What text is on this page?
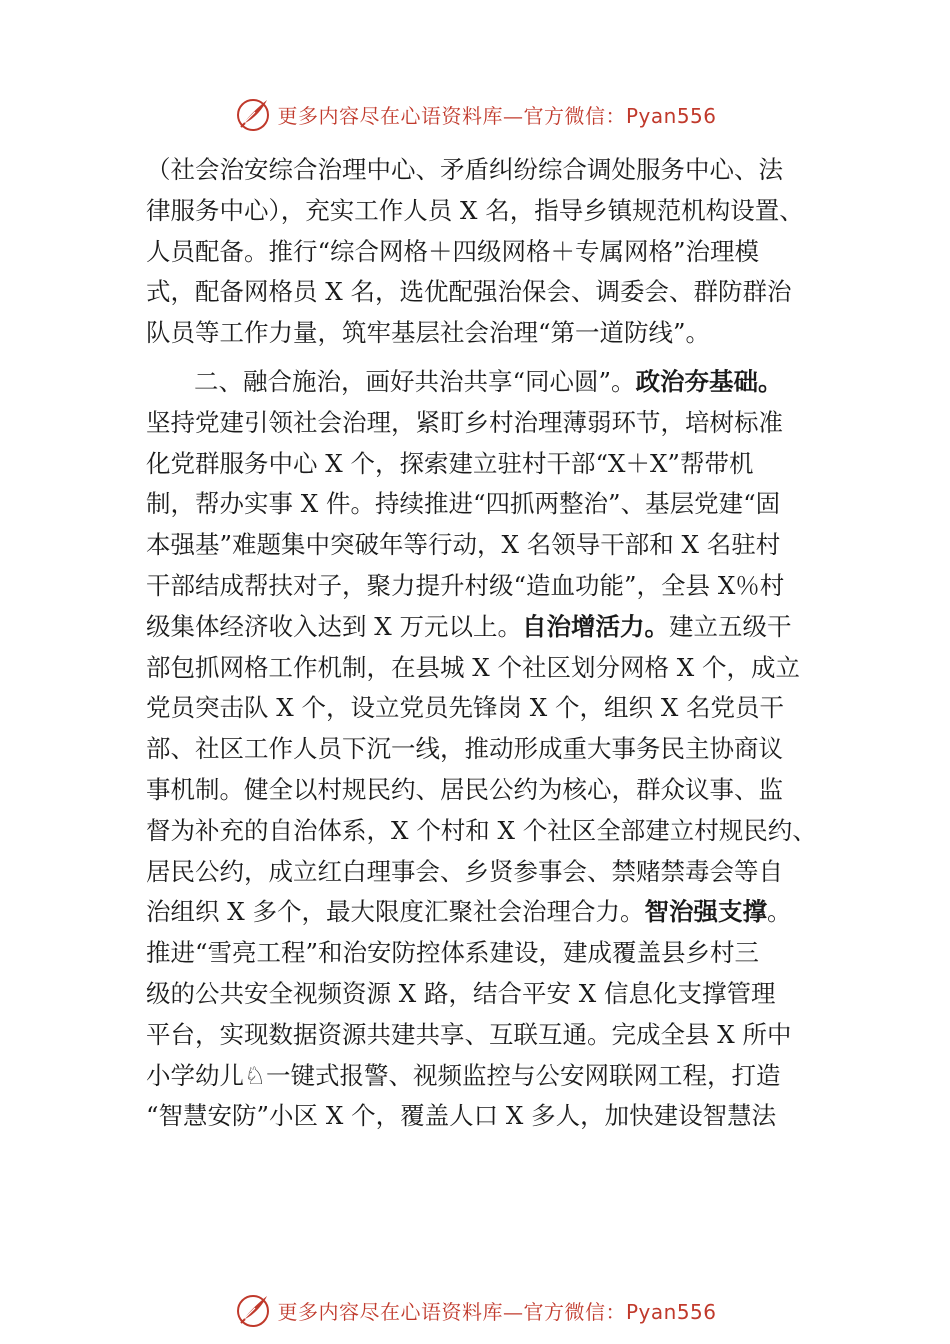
更多内容尽在心语资料库—官方微信：Pyan556
（社会治安综合治理中心、矛盾纠纷综合调处服务中心、法
律服务中心），充实工作人员 X 名，指导乡镇规范机构设置、
人员配备。推行“综合网格＋四级网格＋专属网格”治理模
式，配备网格员 X 名，选优配强治保会、调委会、群防群治
队员等工作力量，筑牢基层社会治理“第一道防线”。
二、融合施治，画好共治共享“同心圆”。政治夯基础。
坚持党建引领社会治理，紧盯乡村治理薄弱环节，培树标准
化党群服务中心 X 个，探索建立驻村干部“X＋X”帮带机
制，帮办实事 X 件。持续推进“四抓两整治”、基层党建“固
本强基”难题集中突破年等行动，X 名领导干部和 X 名驻村
干部结成帮扶对子，聚力提升村级“造血功能”，全县 X％村
级集体经济收入达到 X 万元以上。自治增活力。建立五级干
部包抓网格工作机制，在县城 X 个社区划分网格 X 个，成立
党员突击队 X 个，设立党员先锋岗 X 个，组织 X 名党员干
部、社区工作人员下沉一线，推动形成重大事务民主协商议
事机制。健全以村规民约、居民公约为核心，群众议事、监
督为补充的自治体系，X 个村和 X 个社区全部建立村规民约、
居民公约，成立红白理事会、乡贤参事会、禁赌禁毒会等自
治组织 X 多个，最大限度汇聚社会治理合力。智治强支撑。
推进“雪亮工程”和治安防控体系建设，建成覆盖县乡村三
级的公共安全视频资源 X 路，结合平安 X 信息化支撑管理
平台，实现数据资源共建共享、互联互通。完成全县 X 所中
小学幼儿♘一键式报警、视频监控与公安网联网工程，打造
“智慧安防”小区 X 个，覆盖人口 X 多人，加快建设智慧法
更多内容尽在心语资料库—官方微信：Pyan556
